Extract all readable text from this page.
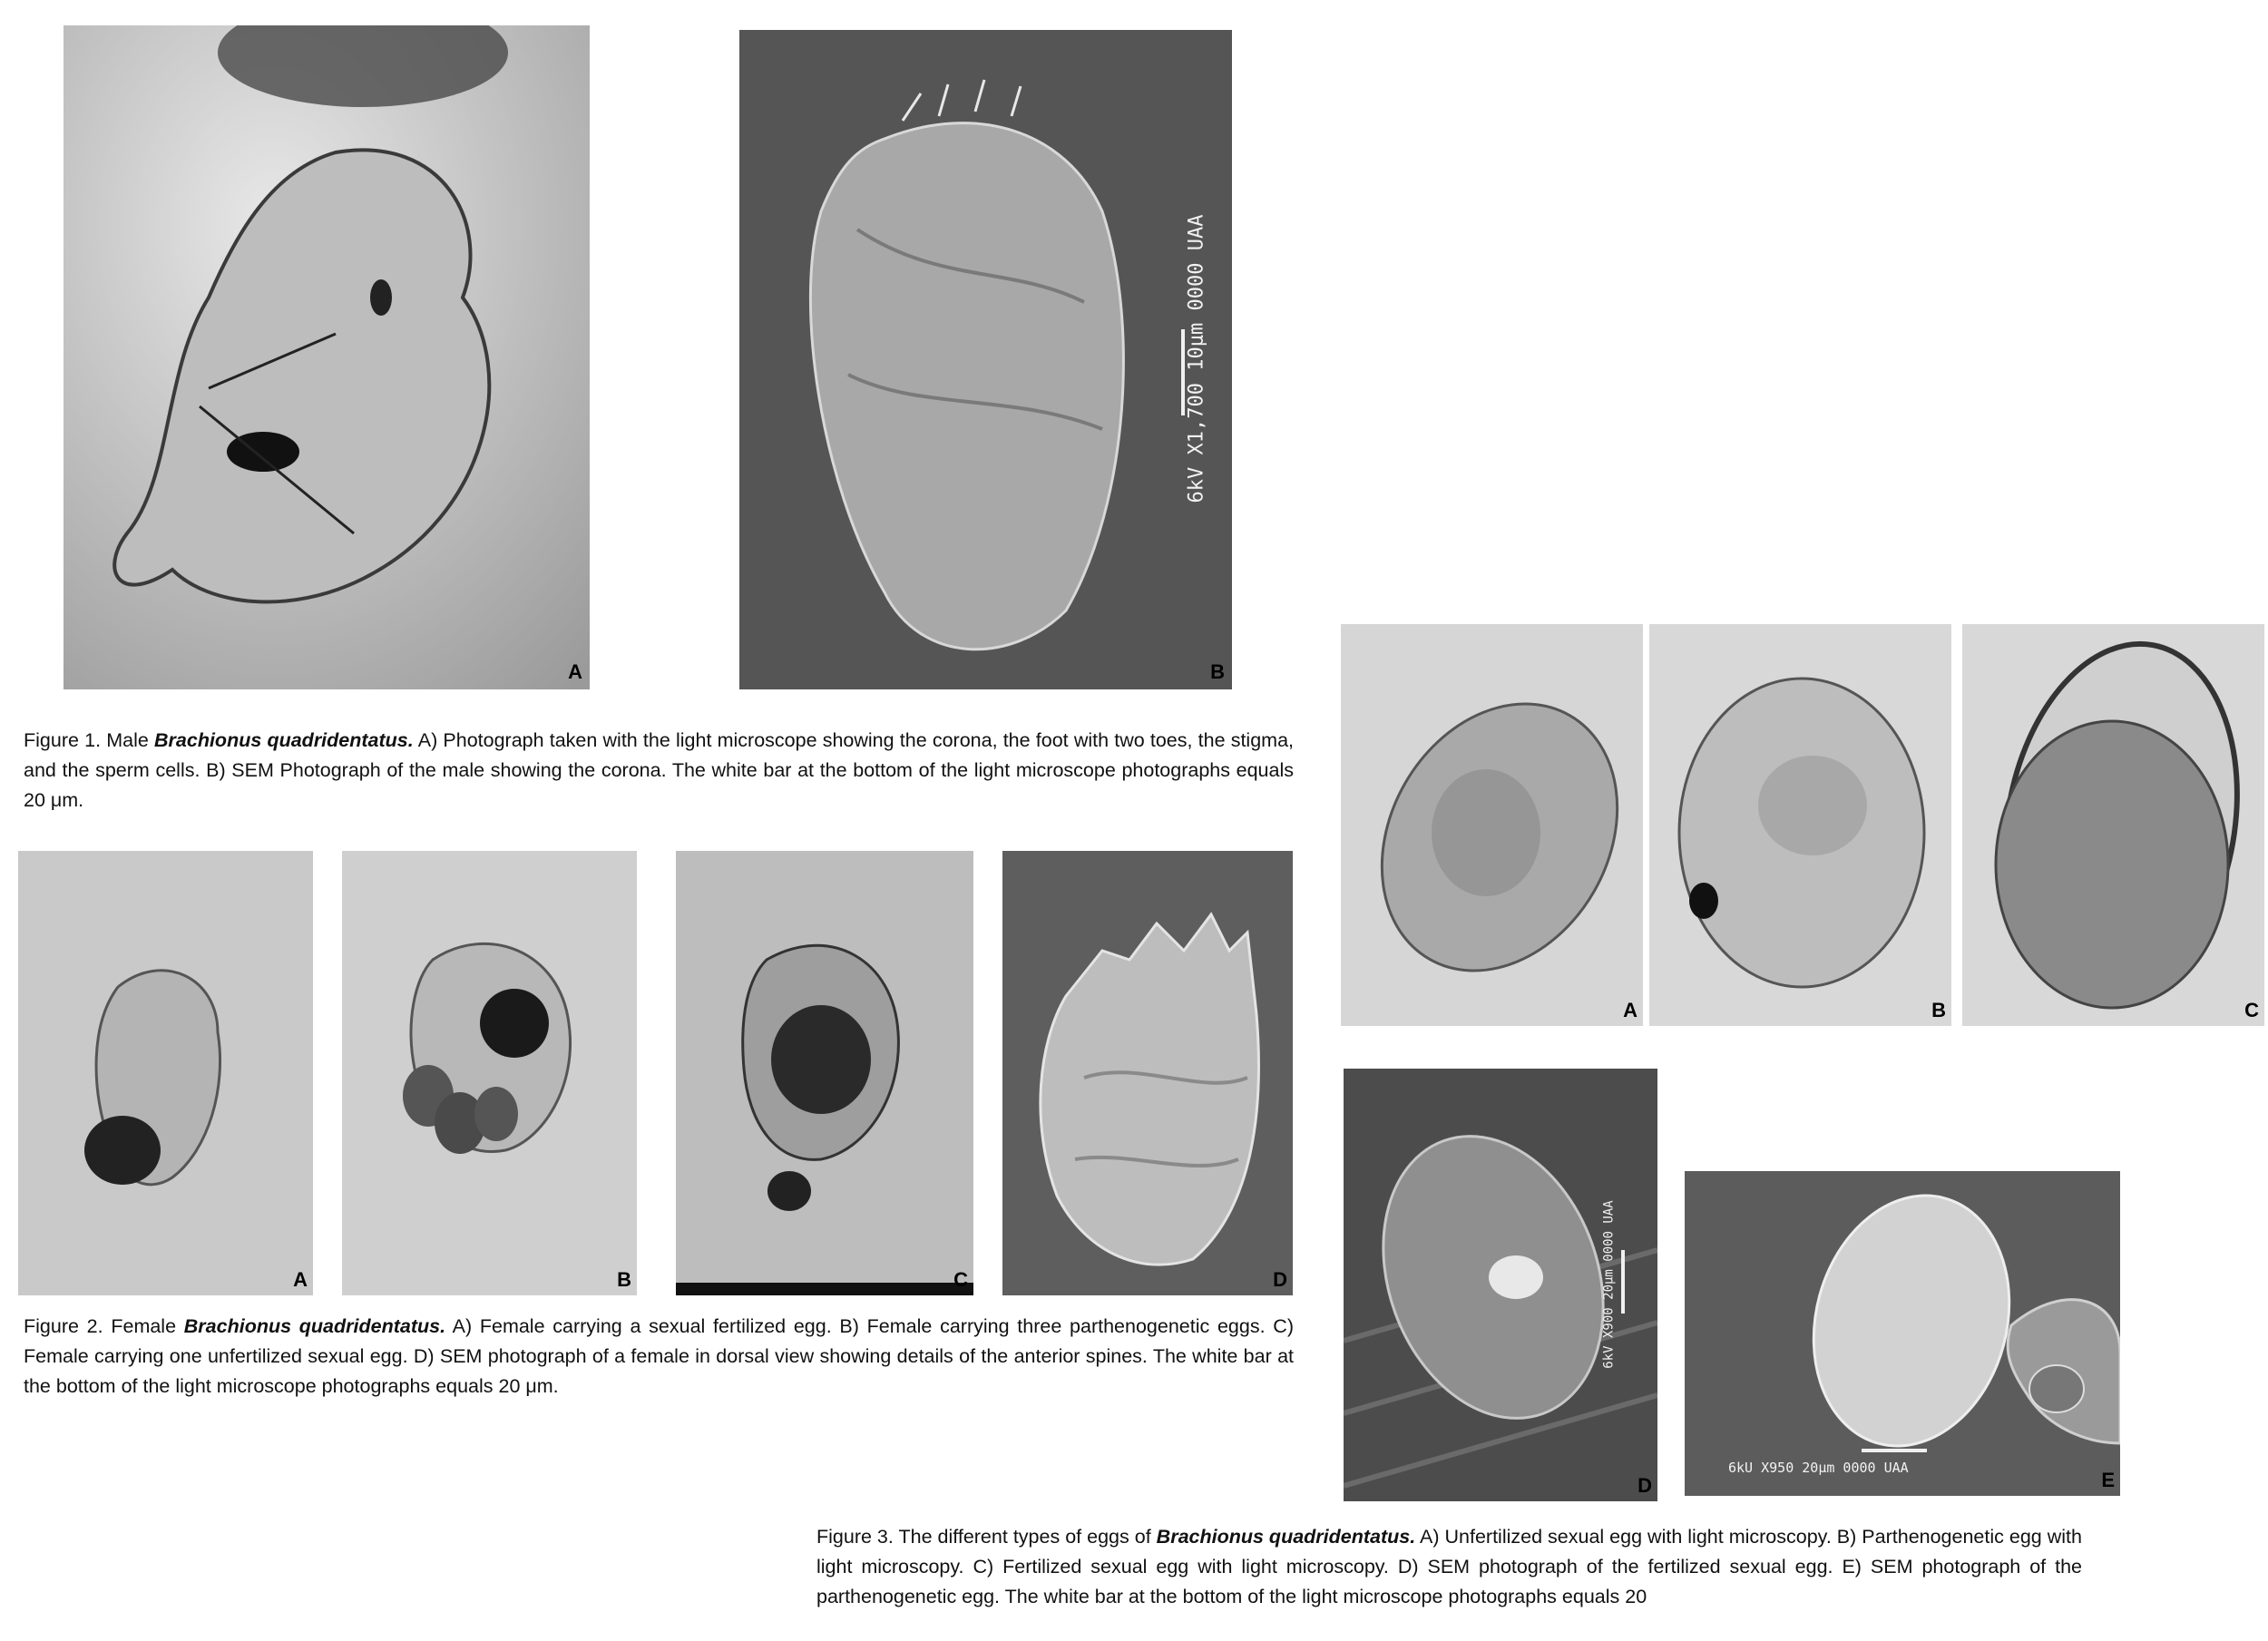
A
6kV X1,700 10μm 0000 UAA
B

Figure 1. Male Brachionus quadridentatus. A) Photograph taken with the light microscope showing the corona, the foot with two toes, the stigma, and the sperm cells. B) SEM Photograph of the male showing the corona. The white bar at the bottom of the light microscope photographs equals 20 μm.

A	B	C	D

Figure 2. Female Brachionus quadridentatus. A) Female carrying a sexual fertilized egg. B) Female carrying three parthenogenetic eggs. C) Female carrying one unfertilized sexual egg. D) SEM photograph of a female in dorsal view showing details of the anterior spines. The white bar at the bottom of the light microscope photographs equals 20 μm.

A	B	C
6kV X900 20μm 0000 UAA
D
6kU X950 20μm 0000 UAA
E

Figure 3. The different types of eggs of Brachionus quadridentatus. A) Unfertilized sexual egg with light microscopy. B) Parthenogenetic egg with light microscopy. C) Fertilized sexual egg with light microscopy. D) SEM photograph of the fertilized sexual egg. E) SEM photograph of the parthenogenetic egg. The white bar at the bottom of the light microscope photographs equals 20
